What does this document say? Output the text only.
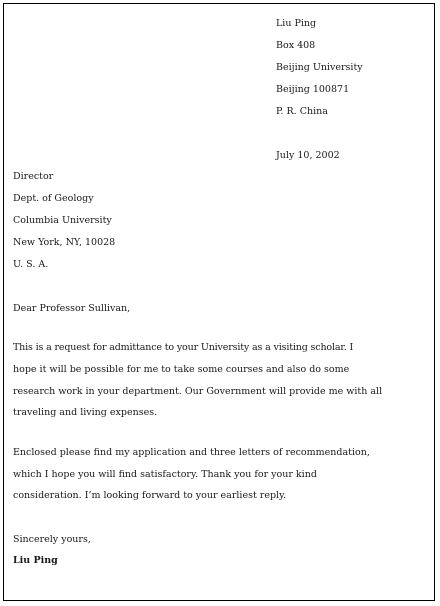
Liu Ping
Box 408
Beijing University
Beijing 100871
P. R. China
July 10, 2002
Director
Dept. of Geology
Columbia University
New York, NY, 10028
U. S. A.
Dear Professor Sullivan,
This is a request for admittance to your University as a visiting scholar. I
hope it will be possible for me to take some courses and also do some
research work in your department. Our Government will provide me with all
traveling and living expenses.
Enclosed please find my application and three letters of recommendation,
which I hope you will find satisfactory. Thank you for your kind
consideration. I’m looking forward to your earliest reply.
Sincerely yours,
Liu Ping
